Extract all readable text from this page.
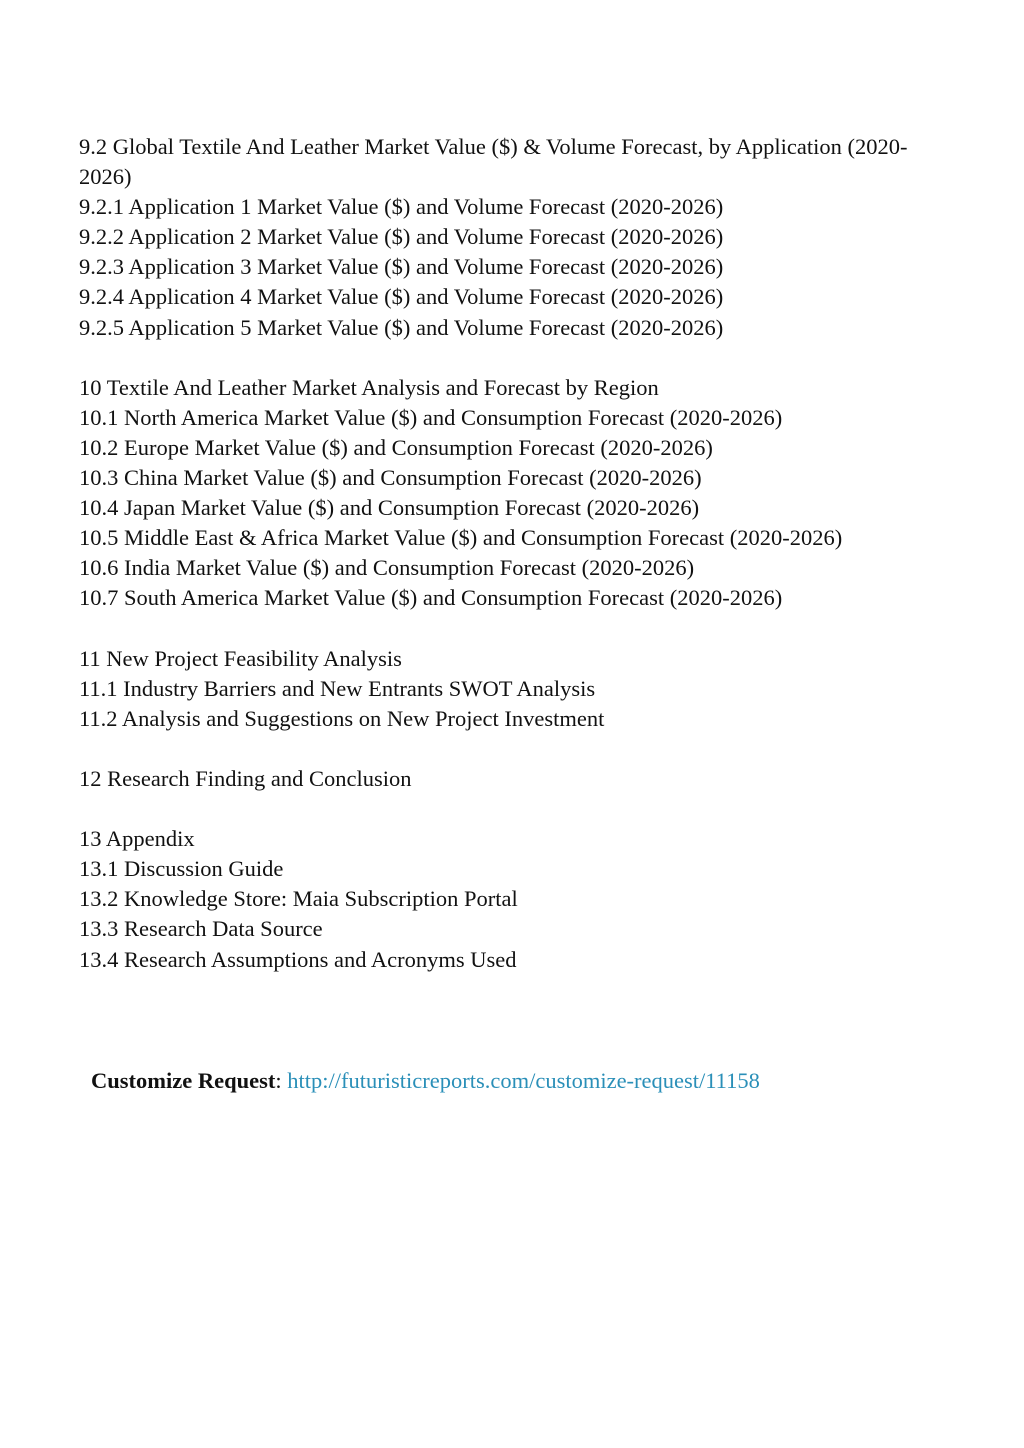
9.2 Global Textile And Leather Market Value ($) & Volume Forecast, by Application (2020-2026)
9.2.1 Application 1 Market Value ($) and Volume Forecast (2020-2026)
9.2.2 Application 2 Market Value ($) and Volume Forecast (2020-2026)
9.2.3 Application 3 Market Value ($) and Volume Forecast (2020-2026)
9.2.4 Application 4 Market Value ($) and Volume Forecast (2020-2026)
9.2.5 Application 5 Market Value ($) and Volume Forecast (2020-2026)
10 Textile And Leather Market Analysis and Forecast by Region
10.1 North America Market Value ($) and Consumption Forecast (2020-2026)
10.2 Europe Market Value ($) and Consumption Forecast (2020-2026)
10.3 China Market Value ($) and Consumption Forecast (2020-2026)
10.4 Japan Market Value ($) and Consumption Forecast (2020-2026)
10.5 Middle East & Africa Market Value ($) and Consumption Forecast (2020-2026)
10.6 India Market Value ($) and Consumption Forecast (2020-2026)
10.7 South America Market Value ($) and Consumption Forecast (2020-2026)
11 New Project Feasibility Analysis
11.1 Industry Barriers and New Entrants SWOT Analysis
11.2 Analysis and Suggestions on New Project Investment
12 Research Finding and Conclusion
13 Appendix
13.1 Discussion Guide
13.2 Knowledge Store: Maia Subscription Portal
13.3 Research Data Source
13.4 Research Assumptions and Acronyms Used
Customize Request: http://futuristicreports.com/customize-request/11158
